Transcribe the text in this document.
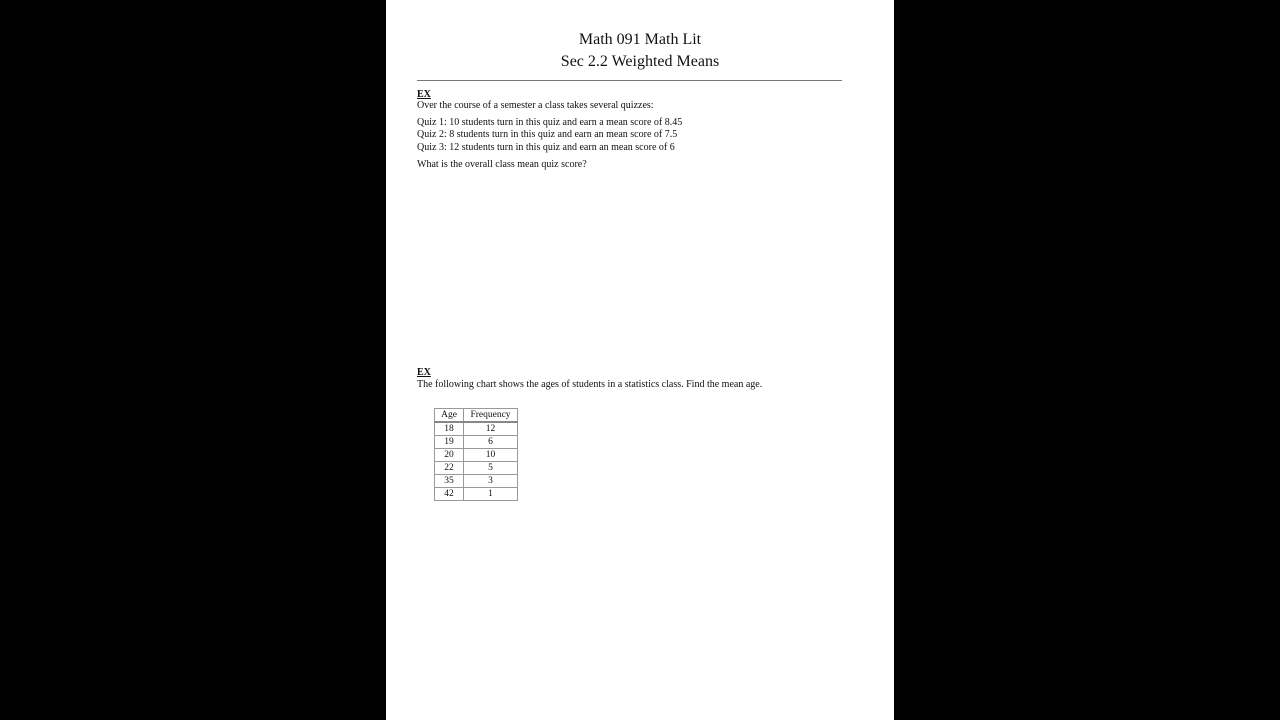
Math 091 Math Lit
Sec 2.2 Weighted Means
EX
Over the course of a semester a class takes several quizzes:
Quiz 1: 10 students turn in this quiz and earn a mean score of 8.45
Quiz 2: 8 students turn in this quiz and earn an mean score of 7.5
Quiz 3: 12 students turn in this quiz and earn an mean score of 6
What is the overall class mean quiz score?
EX
The following chart shows the ages of students in a statistics class. Find the mean age.
Age	Frequency
18	12
19	6
20	10
22	5
35	3
42	1
